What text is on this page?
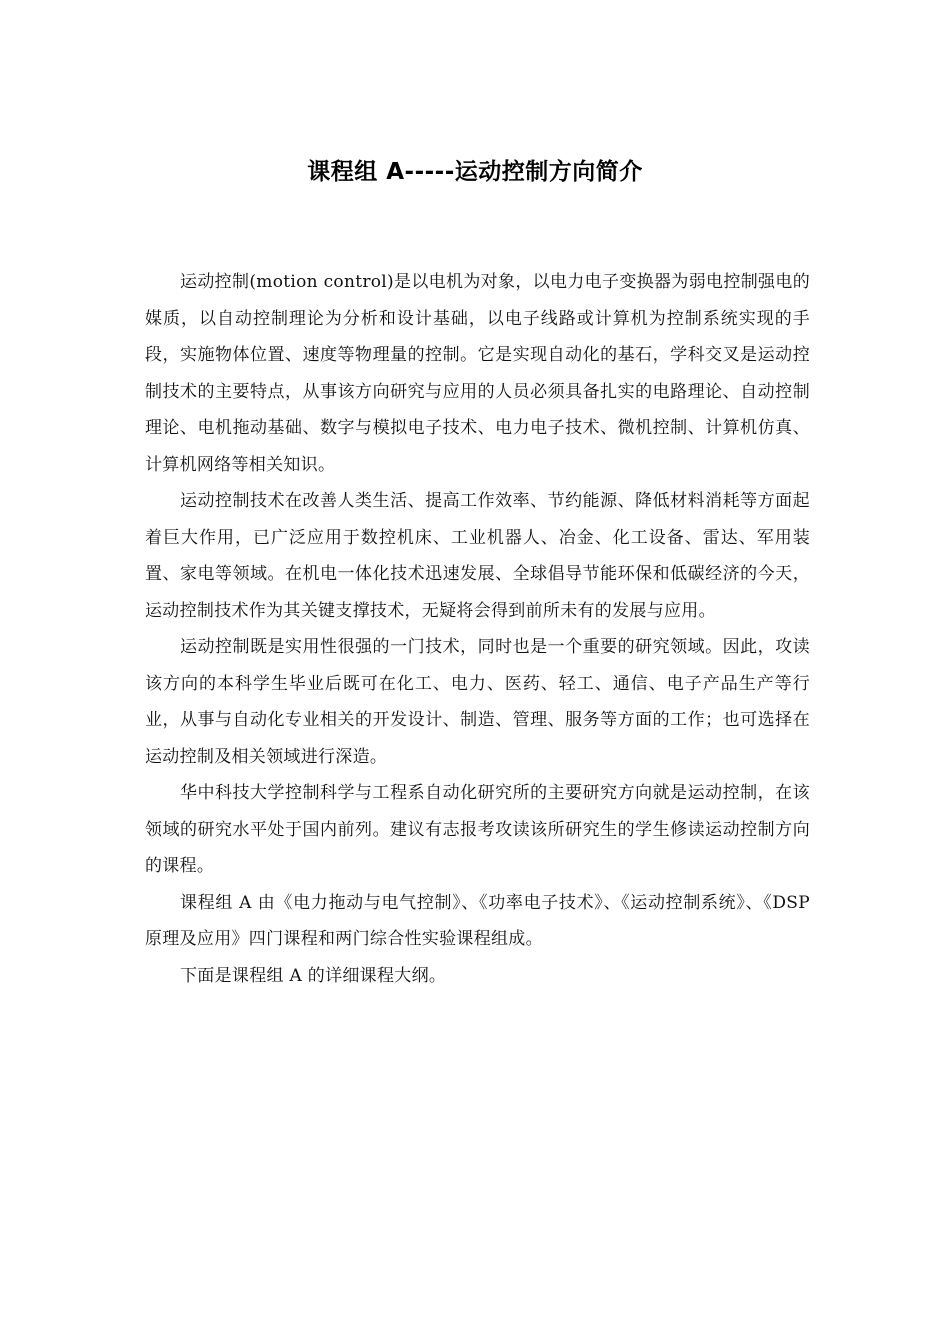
课程组 A-----运动控制方向简介

运动控制(motion control)是以电机为对象，以电力电子变换器为弱电控制强电的媒质，以自动控制理论为分析和设计基础，以电子线路或计算机为控制系统实现的手段，实施物体位置、速度等物理量的控制。它是实现自动化的基石，学科交叉是运动控制技术的主要特点，从事该方向研究与应用的人员必须具备扎实的电路理论、自动控制理论、电机拖动基础、数字与模拟电子技术、电力电子技术、微机控制、计算机仿真、计算机网络等相关知识。

运动控制技术在改善人类生活、提高工作效率、节约能源、降低材料消耗等方面起着巨大作用，已广泛应用于数控机床、工业机器人、冶金、化工设备、雷达、军用装置、家电等领域。在机电一体化技术迅速发展、全球倡导节能环保和低碳经济的今天，运动控制技术作为其关键支撑技术，无疑将会得到前所未有的发展与应用。

运动控制既是实用性很强的一门技术，同时也是一个重要的研究领域。因此，攻读该方向的本科学生毕业后既可在化工、电力、医药、轻工、通信、电子产品生产等行业，从事与自动化专业相关的开发设计、制造、管理、服务等方面的工作；也可选择在运动控制及相关领域进行深造。

华中科技大学控制科学与工程系自动化研究所的主要研究方向就是运动控制，在该领域的研究水平处于国内前列。建议有志报考攻读该所研究生的学生修读运动控制方向的课程。

课程组 A 由《电力拖动与电气控制》、《功率电子技术》、《运动控制系统》、《DSP 原理及应用》四门课程和两门综合性实验课程组成。

下面是课程组 A 的详细课程大纲。
